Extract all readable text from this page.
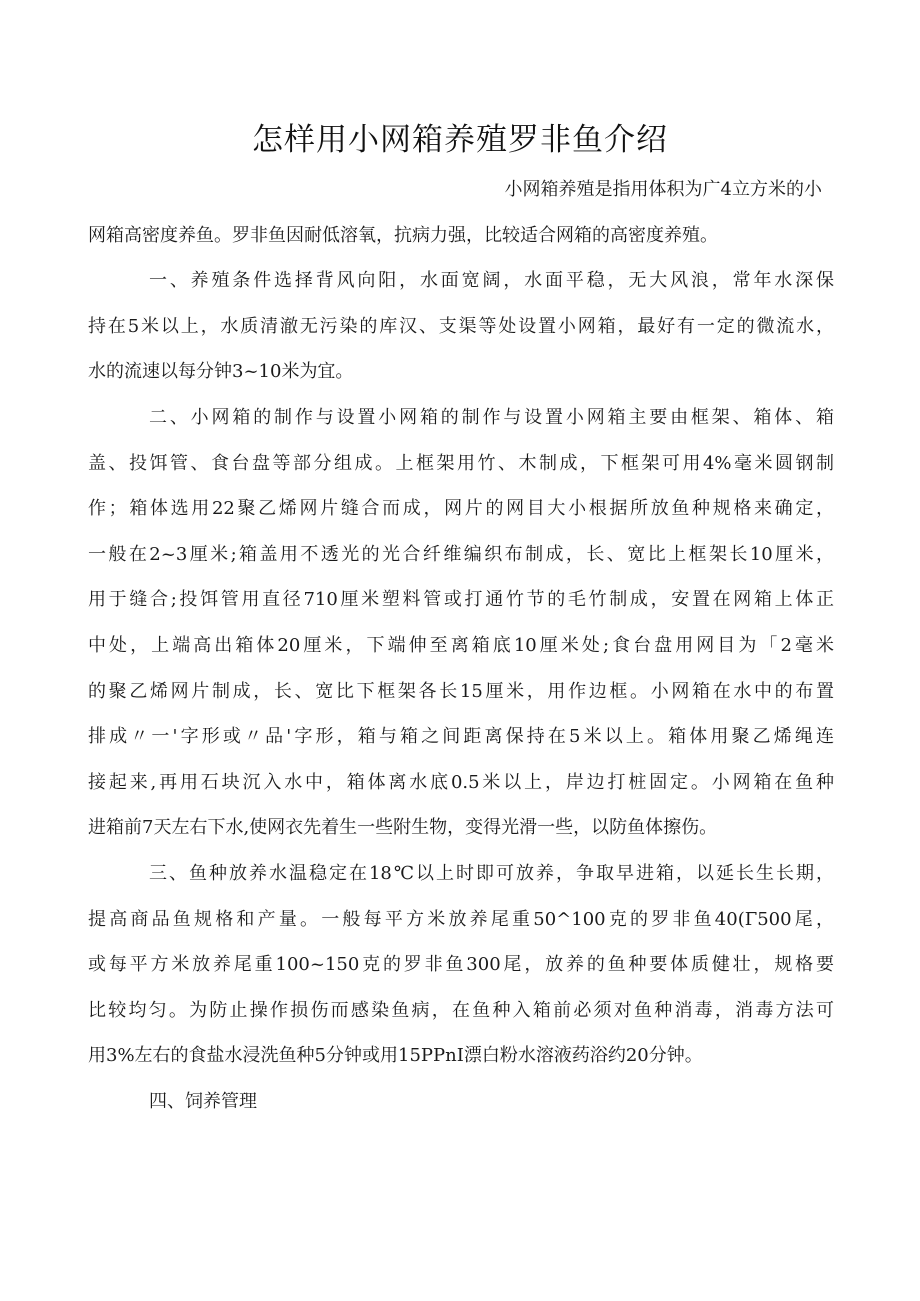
怎样用小网箱养殖罗非鱼介绍
小网箱养殖是指用体积为广4立方米的小
网箱高密度养鱼。罗非鱼因耐低溶氧，抗病力强，比较适合网箱的高密度养殖。
一、养殖条件选择背风向阳，水面宽阔，水面平稳，无大风浪，常年水深保
持在5米以上，水质清澈无污染的库汉、支渠等处设置小网箱，最好有一定的微流水，
水的流速以每分钟3~10米为宜。
二、小网箱的制作与设置小网箱的制作与设置小网箱主要由框架、箱体、箱
盖、投饵管、食台盘等部分组成。上框架用竹、木制成，下框架可用4%毫米圆钢制
作；箱体选用22聚乙烯网片缝合而成，网片的网目大小根据所放鱼种规格来确定，
一般在2~3厘米;箱盖用不透光的光合纤维编织布制成，长、宽比上框架长10厘米，
用于缝合;投饵管用直径710厘米塑料管或打通竹节的毛竹制成，安置在网箱上体正
中处，上端高出箱体20厘米，下端伸至离箱底10厘米处;食台盘用网目为「2毫米
的聚乙烯网片制成，长、宽比下框架各长15厘米，用作边框。小网箱在水中的布置
排成〃一'字形或〃品'字形，箱与箱之间距离保持在5米以上。箱体用聚乙烯绳连
接起来,再用石块沉入水中，箱体离水底0.5米以上，岸边打桩固定。小网箱在鱼种
进箱前7天左右下水,使网衣先着生一些附生物，变得光滑一些，以防鱼体擦伤。
三、鱼种放养水温稳定在18℃以上时即可放养，争取早进箱，以延长生长期，
提高商品鱼规格和产量。一般每平方米放养尾重50^100克的罗非鱼40(Γ500尾，
或每平方米放养尾重100~150克的罗非鱼300尾，放养的鱼种要体质健壮，规格要
比较均匀。为防止操作损伤而感染鱼病，在鱼种入箱前必须对鱼种消毒，消毒方法可
用3%左右的食盐水浸洗鱼种5分钟或用15PPnI漂白粉水溶液药浴约20分钟。
四、饲养管理
